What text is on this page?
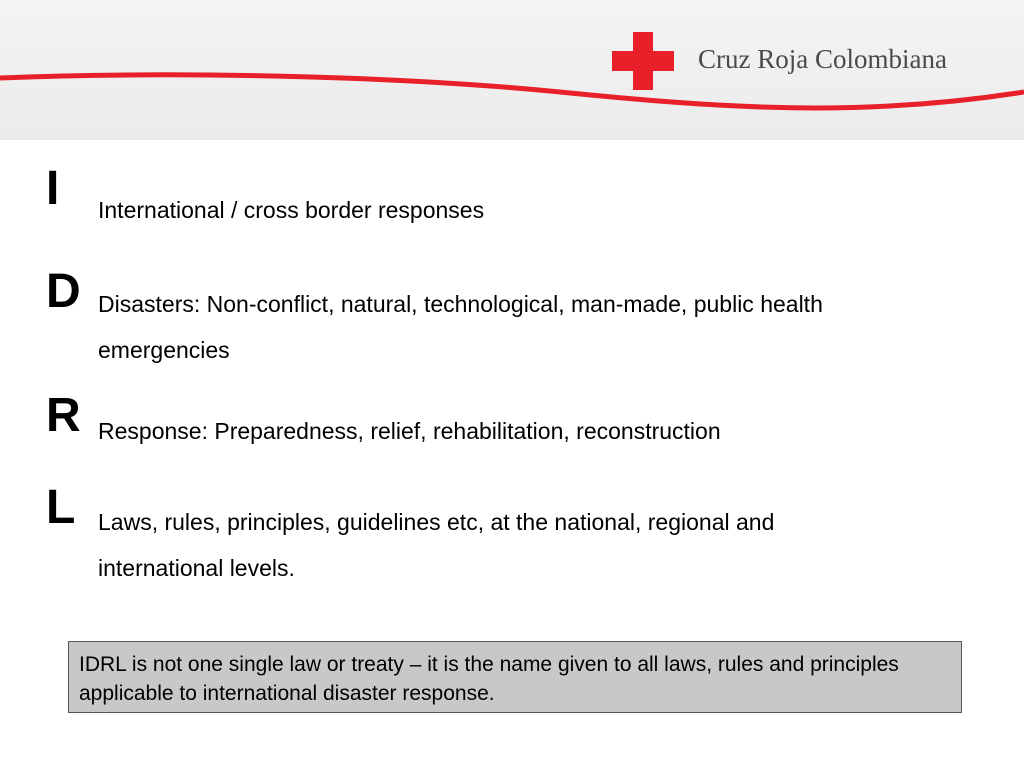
Cruz Roja Colombiana
I International / cross border responses
D Disasters: Non-conflict, natural, technological, man-made, public health emergencies
R Response: Preparedness, relief, rehabilitation, reconstruction
L Laws, rules, principles, guidelines etc, at the national, regional and international levels.
IDRL is not one single law or treaty – it is the name given to all laws, rules and principles applicable to international disaster response.
